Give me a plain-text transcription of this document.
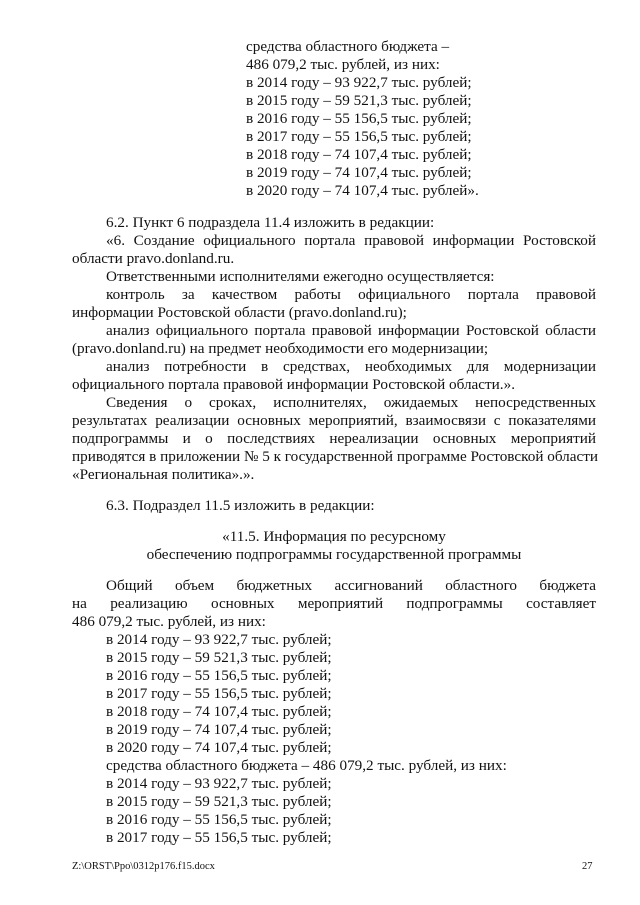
средства областного бюджета –
486 079,2 тыс. рублей, из них:
в 2014 году – 93 922,7 тыс. рублей;
в 2015 году – 59 521,3 тыс. рублей;
в 2016 году – 55 156,5 тыс. рублей;
в 2017 году – 55 156,5 тыс. рублей;
в 2018 году – 74 107,4 тыс. рублей;
в 2019 году – 74 107,4 тыс. рублей;
в 2020 году – 74 107,4 тыс. рублей».
6.2. Пункт 6 подраздела 11.4 изложить в редакции:
«6. Создание официального портала правовой информации Ростовской
области pravo.donland.ru.
Ответственными исполнителями ежегодно осуществляется:
контроль за качеством работы официального портала правовой
информации Ростовской области (pravo.donland.ru);
анализ официального портала правовой информации Ростовской области
(pravo.donland.ru) на предмет необходимости его модернизации;
анализ потребности в средствах, необходимых для модернизации
официального портала правовой информации Ростовской области.».
Сведения о сроках, исполнителях, ожидаемых непосредственных
результатах реализации основных мероприятий, взаимосвязи с показателями
подпрограммы и о последствиях нереализации основных мероприятий
приводятся в приложении № 5 к государственной программе Ростовской области
«Региональная политика».».
6.3. Подраздел 11.5 изложить в редакции:
«11.5. Информация по ресурсному
обеспечению подпрограммы государственной программы
Общий объем бюджетных ассигнований областного бюджета
на реализацию основных мероприятий подпрограммы составляет
486 079,2 тыс. рублей, из них:
в 2014 году – 93 922,7 тыс. рублей;
в 2015 году – 59 521,3 тыс. рублей;
в 2016 году – 55 156,5 тыс. рублей;
в 2017 году – 55 156,5 тыс. рублей;
в 2018 году – 74 107,4 тыс. рублей;
в 2019 году – 74 107,4 тыс. рублей;
в 2020 году – 74 107,4 тыс. рублей;
средства областного бюджета – 486 079,2 тыс. рублей, из них:
в 2014 году – 93 922,7 тыс. рублей;
в 2015 году – 59 521,3 тыс. рублей;
в 2016 году – 55 156,5 тыс. рублей;
в 2017 году – 55 156,5 тыс. рублей;
Z:\ORST\Ppo\0312p176.f15.docx	27
